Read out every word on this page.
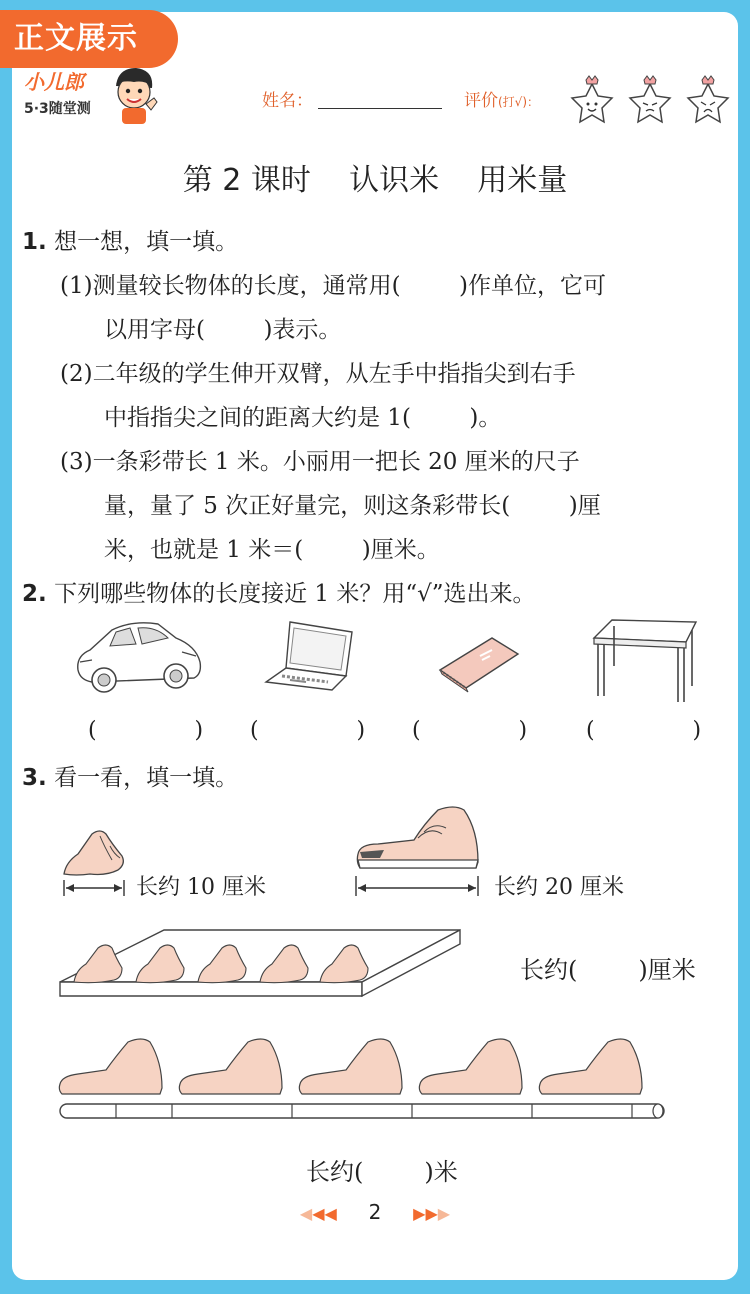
正文展示
小儿郎
5·3随堂测	姓名：	评价(打√)：
第 2 课时    认识米    用米量
1. 想一想，填一填。
(1)测量较长物体的长度，通常用(        )作单位，它可
以用字母(        )表示。
(2)二年级的学生伸开双臂，从左手中指指尖到右手
中指指尖之间的距离大约是 1(        )。
(3)一条彩带长 1 米。小丽用一把长 20 厘米的尺子
量，量了 5 次正好量完，则这条彩带长(        )厘
米，也就是 1 米＝(        )厘米。
2. 下列哪些物体的长度接近 1 米？用“√”选出来。
(              ) (              ) (              )	(              )
3. 看一看，填一填。
长约 10 厘米	长约 20 厘米
长约(        )厘米
长约(        )米
◀◀◀ 2 ▶▶▶
